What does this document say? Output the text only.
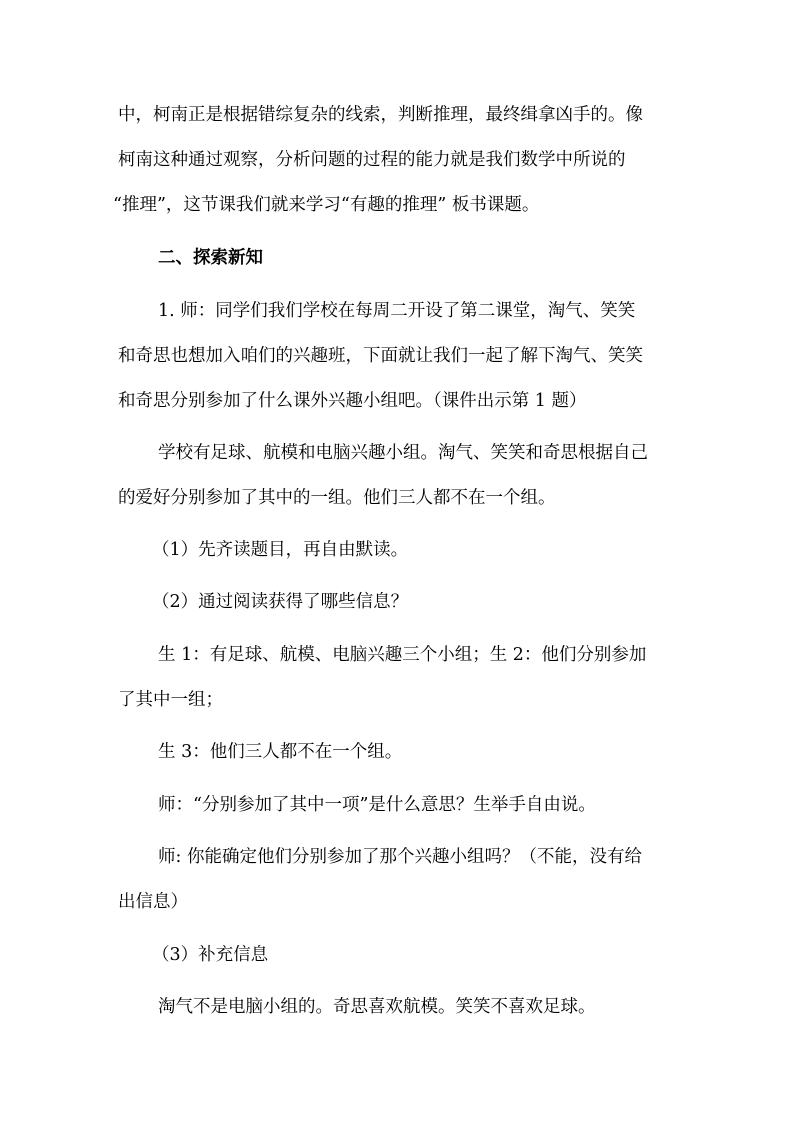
中，柯南正是根据错综复杂的线索，判断推理，最终缉拿凶手的。像
柯南这种通过观察，分析问题的过程的能力就是我们数学中所说的
“推理”，这节课我们就来学习“有趣的推理” 板书课题。
二、探索新知
1. 师：同学们我们学校在每周二开设了第二课堂，淘气、笑笑
和奇思也想加入咱们的兴趣班，下面就让我们一起了解下淘气、笑笑
和奇思分别参加了什么课外兴趣小组吧。（课件出示第 1 题）
学校有足球、航模和电脑兴趣小组。淘气、笑笑和奇思根据自己
的爱好分别参加了其中的一组。他们三人都不在一个组。
（1）先齐读题目，再自由默读。
（2）通过阅读获得了哪些信息？
生 1：有足球、航模、电脑兴趣三个小组；生 2：他们分别参加
了其中一组；
生 3：他们三人都不在一个组。
师：“分别参加了其中一项”是什么意思？生举手自由说。
师: 你能确定他们分别参加了那个兴趣小组吗？（不能，没有给
出信息）
（3）补充信息
淘气不是电脑小组的。奇思喜欢航模。笑笑不喜欢足球。
